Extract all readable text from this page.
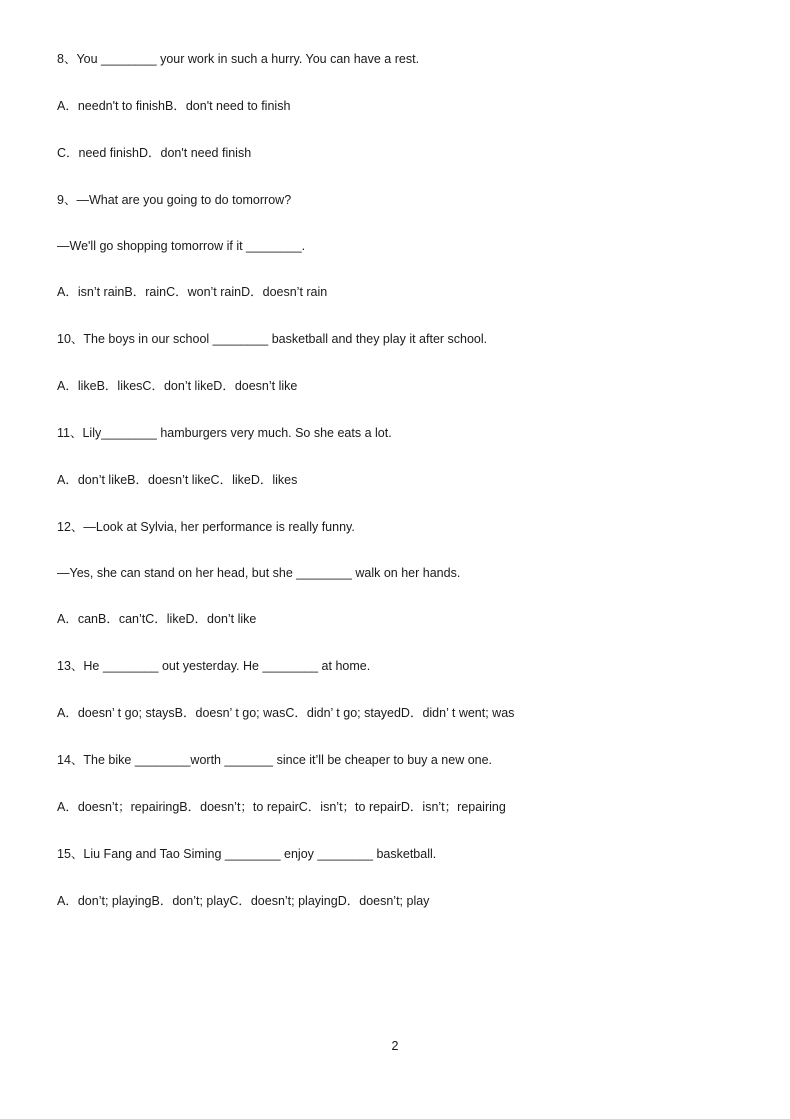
8、You ________ your work in such a hurry. You can have a rest.
A．needn't to finishB．don't need to finish
C．need finishD．don't need finish
9、—What are you going to do tomorrow?
—We'll go shopping tomorrow if it ________.
A．isn’t rainB．rainC．won’t rainD．doesn’t rain
10、The boys in our school ________ basketball and they play it after school.
A．likeB．likesC．don’t likeD．doesn’t like
11、Lily________ hamburgers very much. So she eats a lot.
A．don’t likeB．doesn’t likeC．likeD．likes
12、—Look at Sylvia, her performance is really funny.
—Yes, she can stand on her head, but she ________ walk on her hands.
A．canB．can’tC．likeD．don’t like
13、He ________ out yesterday. He ________ at home.
A．doesn’ t go; staysB．doesn’ t go; wasC．didn’ t go; stayedD．didn’ t went; was
14、The bike ________worth _______ since it’ll be cheaper to buy a new one.
A．doesn’t；repairingB．doesn’t；to repairC．isn’t；to repairD．isn’t；repairing
15、Liu Fang and Tao Siming ________ enjoy ________ basketball.
A．don’t; playingB．don’t; playC．doesn’t; playingD．doesn’t; play
2
